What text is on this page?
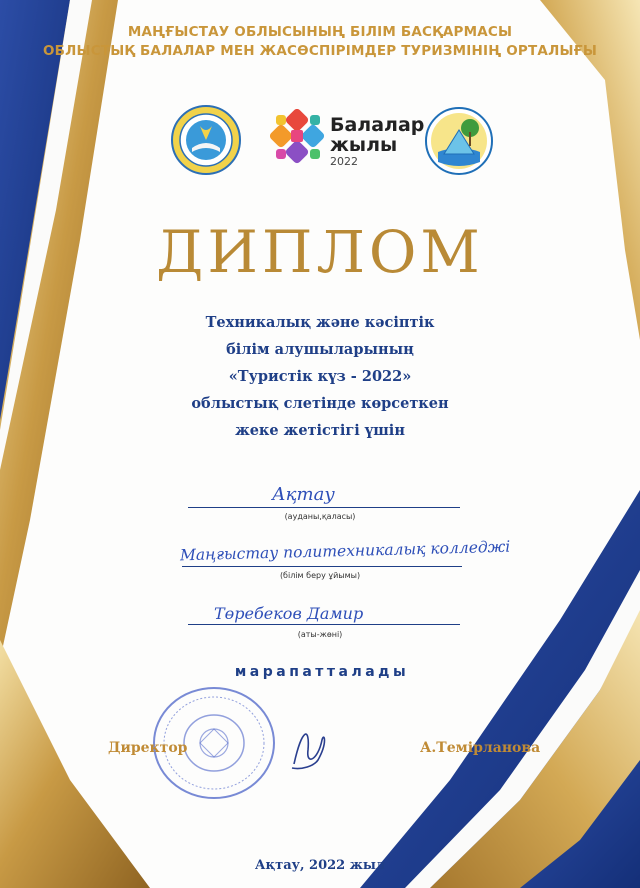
МАҢҒЫСТАУ ОБЛЫСЫНЫҢ БІЛІМ БАСҚАРМАСЫ
ОБЛЫСТЫҚ БАЛАЛАР МЕН ЖАСӨСПІРІМДЕР ТУРИЗМІНІҢ ОРТАЛЫҒЫ
Балалар
жылы
2022
ДИПЛОМ
Техникалық және кәсіптік
білім алушыларының
«Туристік күз - 2022»
облыстық слетінде көрсеткен
жеке жетістігі үшін
Ақтау
(ауданы,қаласы)
Маңғыстау политехникалық колледжі
(білім беру ұйымы)
Төребеков Дамир
(аты-жөні)
марапатталады
Директор	А.Темірланова
Ақтау, 2022 жыл
